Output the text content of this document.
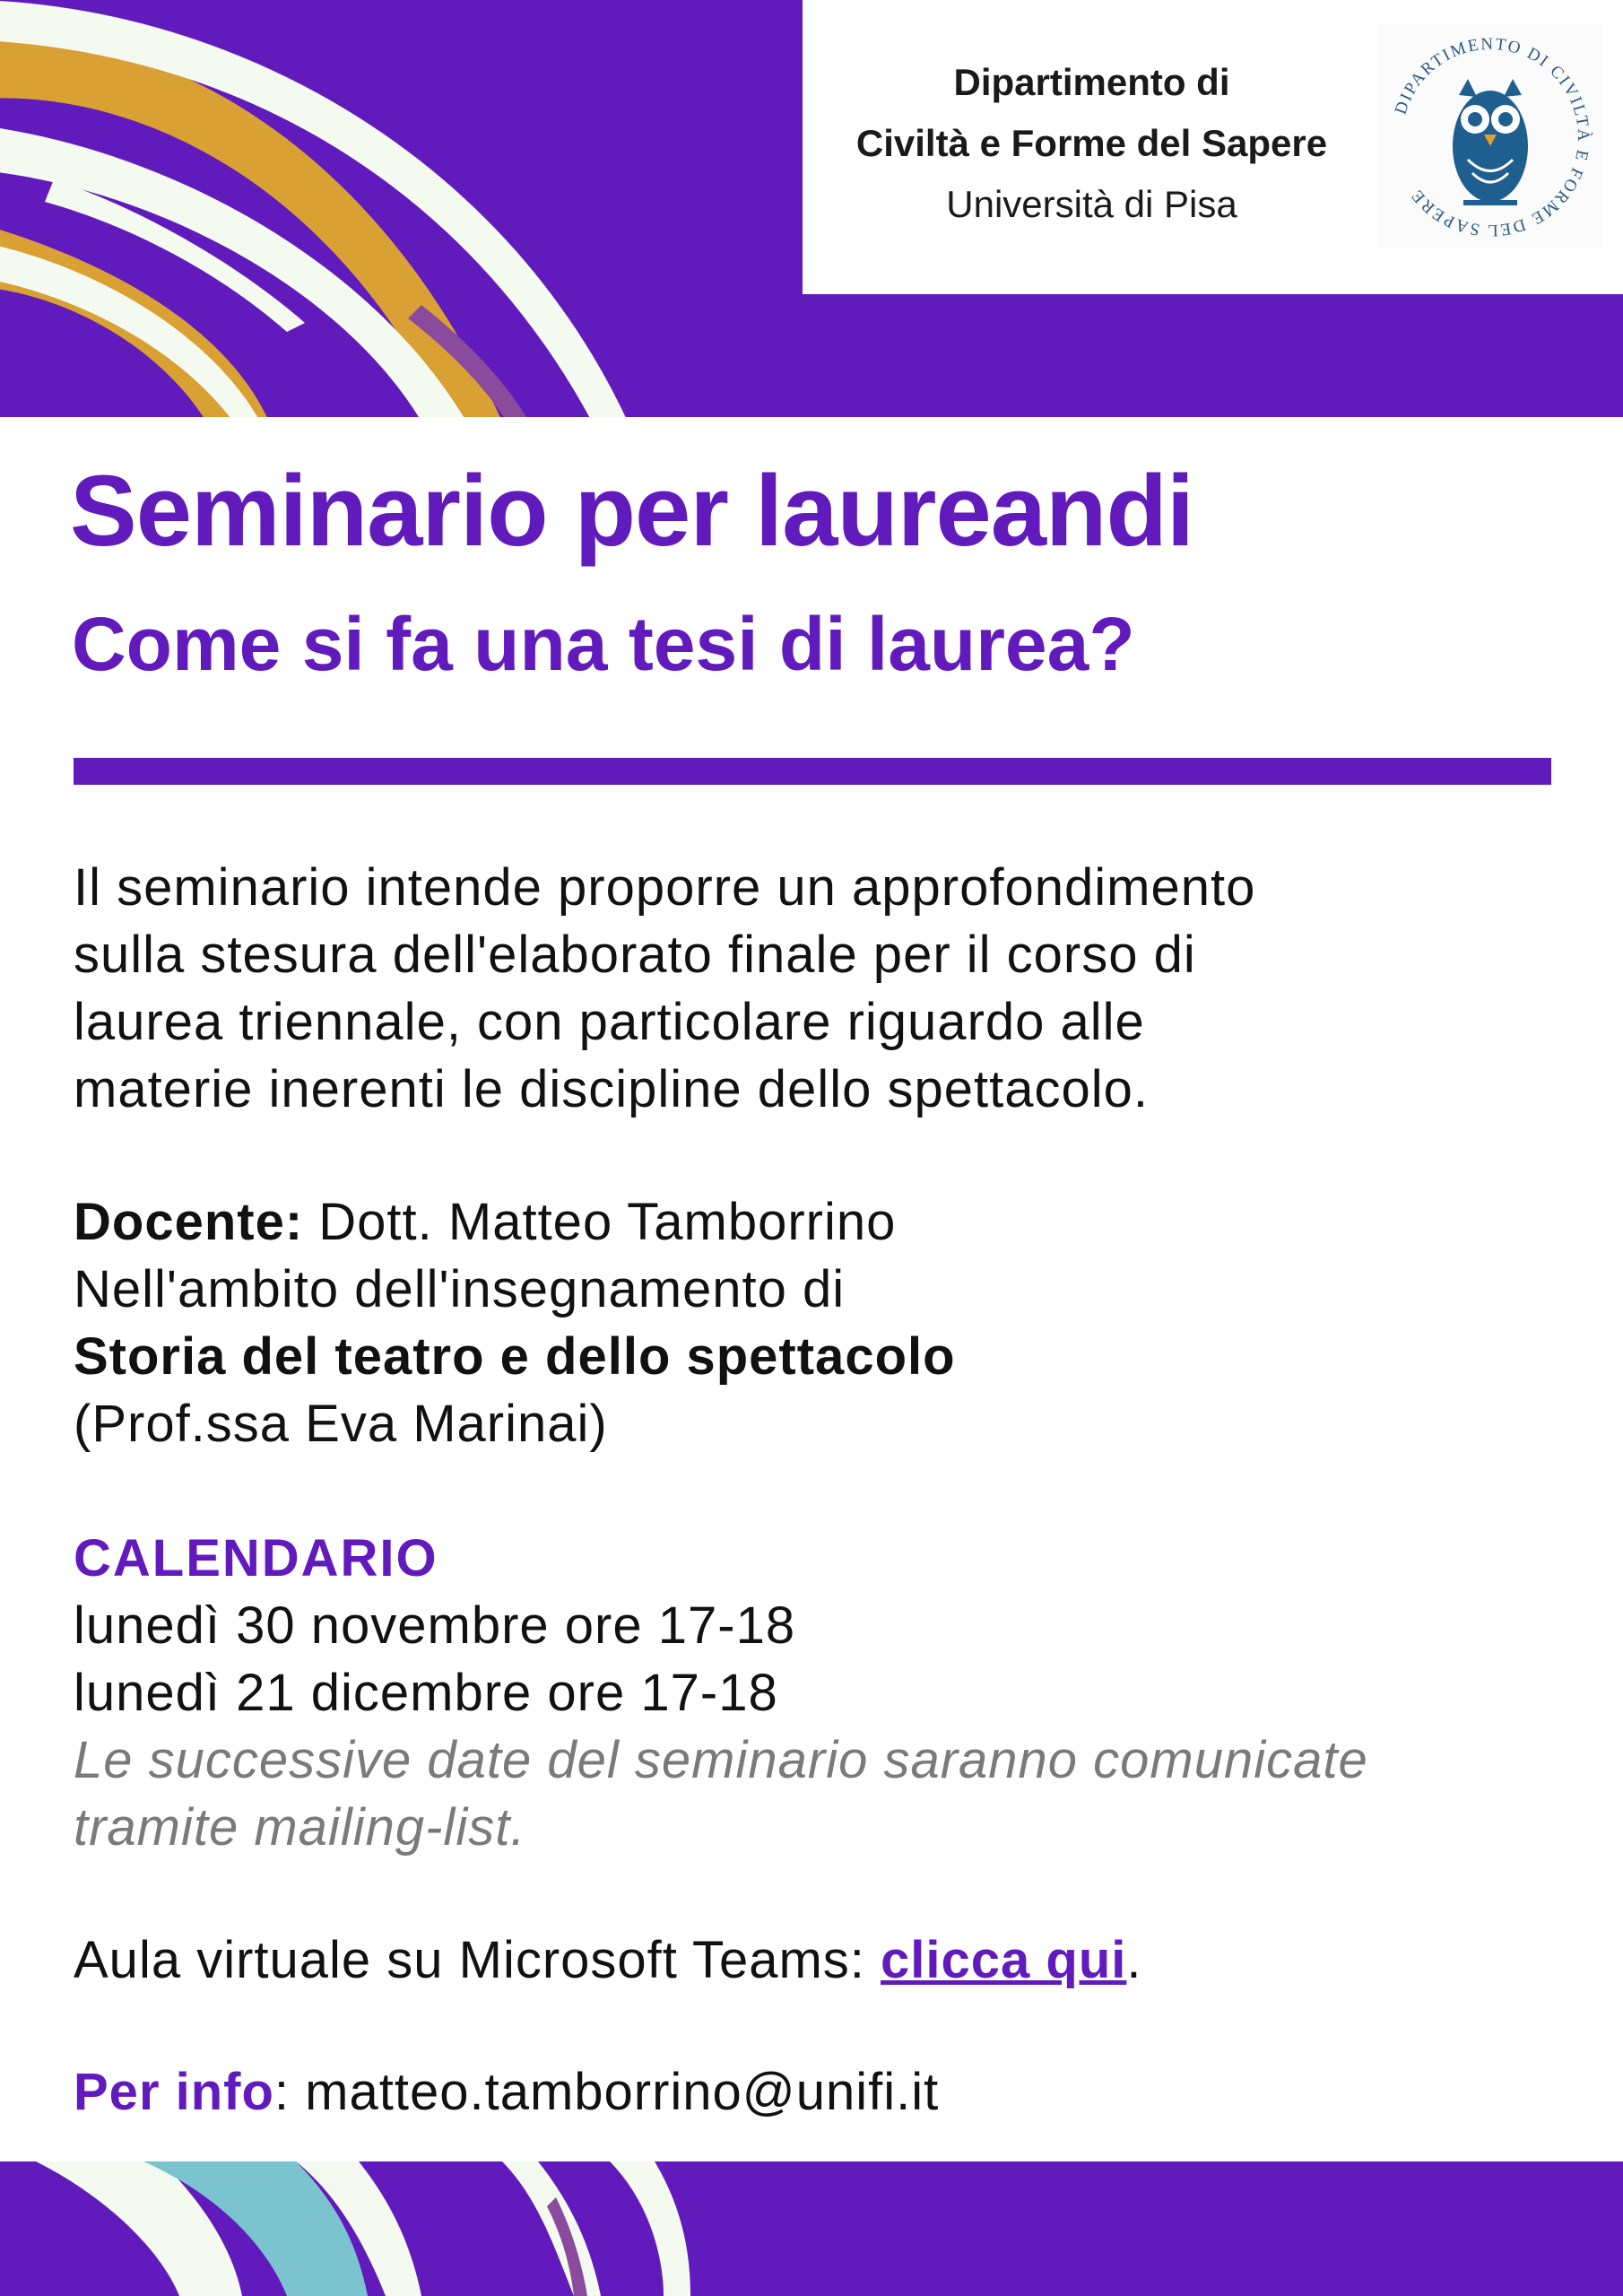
Dipartimento di
Civiltà e Forme del Sapere
Università di Pisa
DIPARTIMENTO DI CIVILTÀ E FORME DEL SAPERE
Seminario per laureandi
Come si fa una tesi di laurea?
Il seminario intende proporre un approfondimento
sulla stesura dell'elaborato finale per il corso di
laurea triennale, con particolare riguardo alle
materie inerenti le discipline dello spettacolo.
Docente: Dott. Matteo Tamborrino
Nell'ambito dell'insegnamento di
Storia del teatro e dello spettacolo
(Prof.ssa Eva Marinai)
CALENDARIO
lunedì 30 novembre ore 17-18
lunedì 21 dicembre ore 17-18
Le successive date del seminario saranno comunicate
tramite mailing-list.
Aula virtuale su Microsoft Teams: clicca qui.
Per info: matteo.tamborrino@unifi.it
